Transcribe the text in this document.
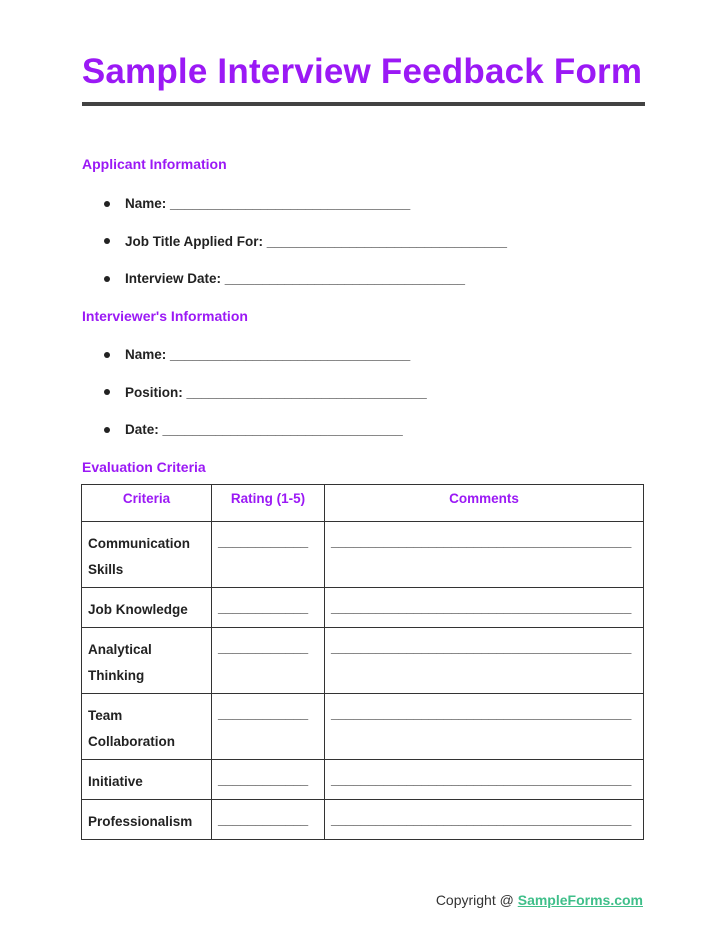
Sample Interview Feedback Form
Applicant Information
Name: ________________________________
Job Title Applied For: ________________________________
Interview Date: ________________________________
Interviewer's Information
Name: ________________________________
Position: ________________________________
Date: ________________________________
Evaluation Criteria
Criteria	Rating (1-5)	Comments
Communication Skills	____________	________________________________________
Job Knowledge	____________	________________________________________
Analytical Thinking	____________	________________________________________
Team Collaboration	____________	________________________________________
Initiative	____________	________________________________________
Professionalism	____________	________________________________________
Copyright @ SampleForms.com
